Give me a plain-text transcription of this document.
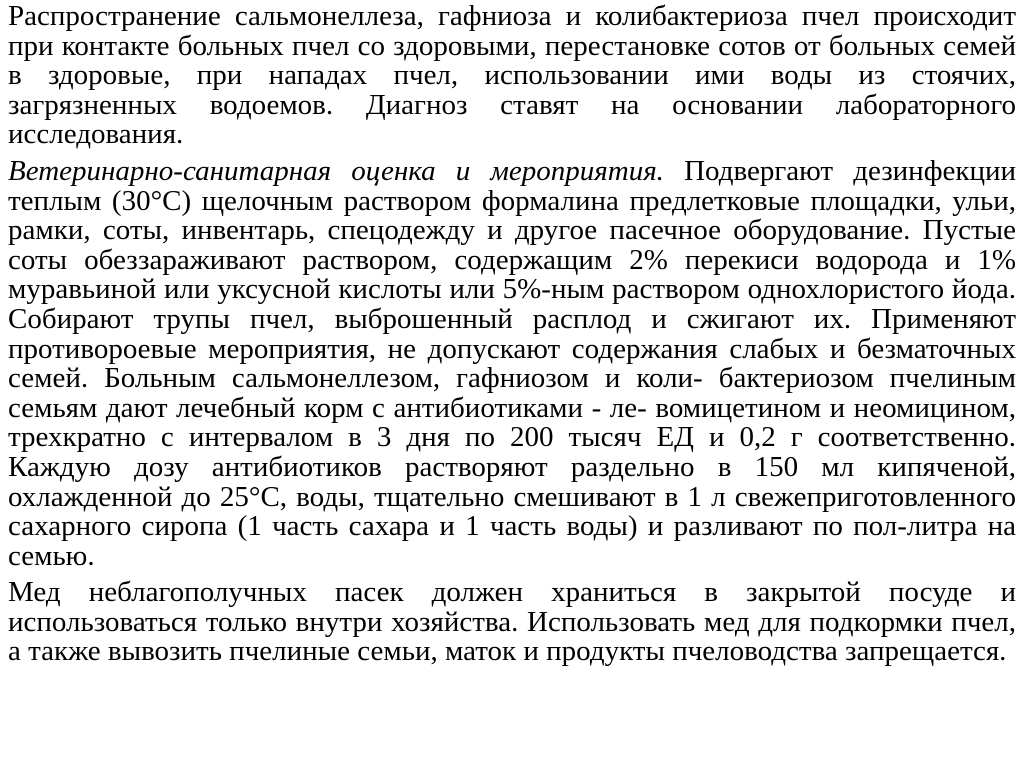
Распространение сальмонеллеза, гафниоза и колибактериоза пчел происходит при контакте больных пчел со здоровыми, перестановке сотов от больных семей в здоровые, при нападах пчел, использовании ими воды из стоячих, загрязненных водоемов. Диагноз ставят на основании лабораторного исследования.

Ветеринарно-санитарная оценка и мероприятия. Подвергают дезинфекции теплым (30°С) щелочным раствором формалина предлетковые площадки, ульи, рамки, соты, инвентарь, спецодежду и другое пасечное оборудование. Пустые соты обеззараживают раствором, содержащим 2% перекиси водорода и 1% муравьиной или уксусной кислоты или 5%-ным раствором однохлористого йода. Собирают трупы пчел, выброшенный расплод и сжигают их. Применяют противороевые мероприятия, не допускают содержания слабых и безматочных семей. Больным сальмонеллезом, гафниозом и коли- бактериозом пчелиным семьям дают лечебный корм с антибиотиками - ле- вомицетином и неомицином, трехкратно с интервалом в 3 дня по 200 тысяч ЕД и 0,2 г соответственно. Каждую дозу антибиотиков растворяют раздельно в 150 мл кипяченой, охлажденной до 25°С, воды, тщательно смешивают в 1 л свежеприготовленного сахарного сиропа (1 часть сахара и 1 часть воды) и разливают по пол-литра на семью.

Мед неблагополучных пасек должен храниться в закрытой посуде и использоваться только внутри хозяйства. Использовать мед для подкормки пчел, а также вывозить пчелиные семьи, маток и продукты пчеловодства запрещается.
